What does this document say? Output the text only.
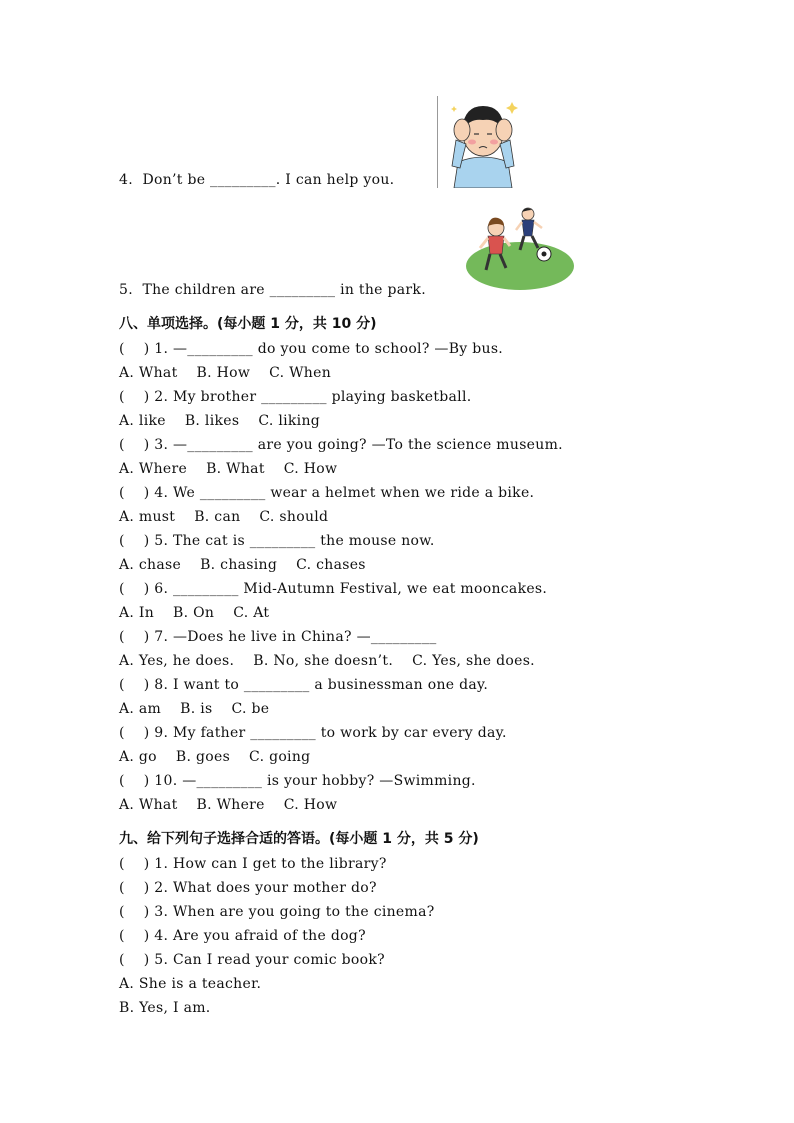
4.  Don’t be _________. I can help you.
5.  The children are _________ in the park.
八、单项选择。(每小题 1 分，共 10 分)
(    ) 1. —_________ do you come to school? —By bus.
A. What    B. How    C. When
(    ) 2. My brother _________ playing basketball.
A. like    B. likes    C. liking
(    ) 3. —_________ are you going? —To the science museum.
A. Where    B. What    C. How
(    ) 4. We _________ wear a helmet when we ride a bike.
A. must    B. can    C. should
(    ) 5. The cat is _________ the mouse now.
A. chase    B. chasing    C. chases
(    ) 6. _________ Mid-Autumn Festival, we eat mooncakes.
A. In    B. On    C. At
(    ) 7. —Does he live in China? —_________
A. Yes, he does.    B. No, she doesn’t.    C. Yes, she does.
(    ) 8. I want to _________ a businessman one day.
A. am    B. is    C. be
(    ) 9. My father _________ to work by car every day.
A. go    B. goes    C. going
(    ) 10. —_________ is your hobby? —Swimming.
A. What    B. Where    C. How
九、给下列句子选择合适的答语。(每小题 1 分，共 5 分)
(    ) 1. How can I get to the library?
(    ) 2. What does your mother do?
(    ) 3. When are you going to the cinema?
(    ) 4. Are you afraid of the dog?
(    ) 5. Can I read your comic book?
A. She is a teacher.
B. Yes, I am.
